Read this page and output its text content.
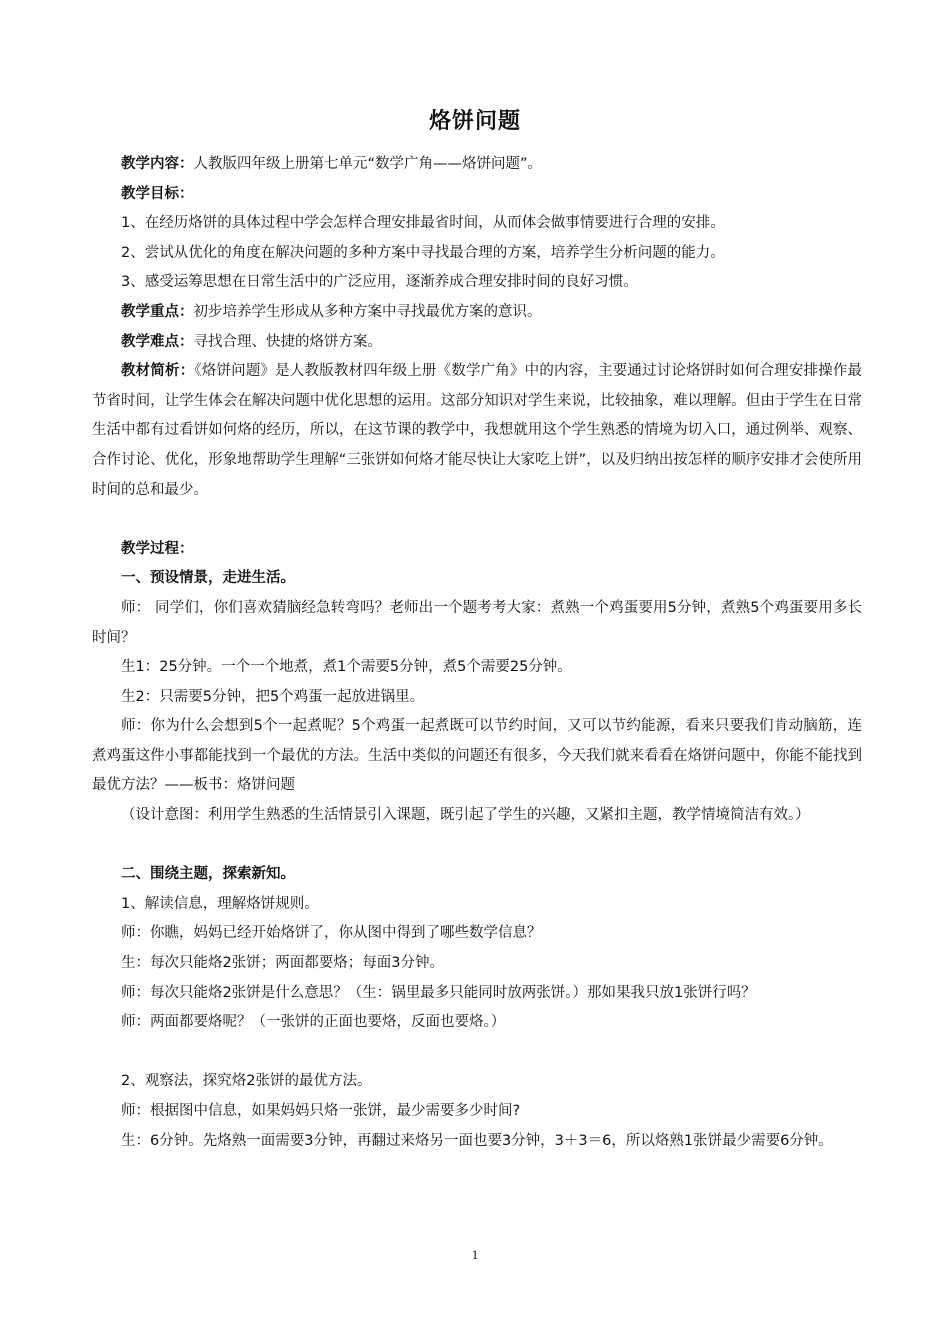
烙饼问题

教学内容：人教版四年级上册第七单元“数学广角——烙饼问题”。

教学目标：

1、在经历烙饼的具体过程中学会怎样合理安排最省时间，从而体会做事情要进行合理的安排。

2、尝试从优化的角度在解决问题的多种方案中寻找最合理的方案，培养学生分析问题的能力。

3、感受运筹思想在日常生活中的广泛应用，逐渐养成合理安排时间的良好习惯。

教学重点：初步培养学生形成从多种方案中寻找最优方案的意识。

教学难点：寻找合理、快捷的烙饼方案。

教材简析：《烙饼问题》是人教版教材四年级上册《数学广角》中的内容，主要通过讨论烙饼时如何合理安排操作最节省时间，让学生体会在解决问题中优化思想的运用。这部分知识对学生来说，比较抽象，难以理解。但由于学生在日常生活中都有过看饼如何烙的经历，所以，在这节课的教学中，我想就用这个学生熟悉的情境为切入口，通过例举、观察、合作讨论、优化，形象地帮助学生理解“三张饼如何烙才能尽快让大家吃上饼”，以及归纳出按怎样的顺序安排才会使所用时间的总和最少。

教学过程：

一、预设情景，走进生活。

师： 同学们，你们喜欢猜脑经急转弯吗？老师出一个题考考大家：煮熟一个鸡蛋要用5分钟，煮熟5个鸡蛋要用多长时间？

生1：25分钟。一个一个地煮，煮1个需要5分钟，煮5个需要25分钟。

生2：只需要5分钟，把5个鸡蛋一起放进锅里。

师：你为什么会想到5个一起煮呢？5个鸡蛋一起煮既可以节约时间，又可以节约能源，看来只要我们肯动脑筋，连煮鸡蛋这件小事都能找到一个最优的方法。生活中类似的问题还有很多，今天我们就来看看在烙饼问题中，你能不能找到最优方法？——板书：烙饼问题

（设计意图：利用学生熟悉的生活情景引入课题，既引起了学生的兴趣，又紧扣主题，教学情境简洁有效。）

二、围绕主题，探索新知。

1、解读信息，理解烙饼规则。

师：你瞧，妈妈已经开始烙饼了，你从图中得到了哪些数学信息？

生：每次只能烙2张饼；两面都要烙；每面3分钟。

师：每次只能烙2张饼是什么意思？（生：锅里最多只能同时放两张饼。）那如果我只放1张饼行吗？

师：两面都要烙呢？（一张饼的正面也要烙，反面也要烙。）

2、观察法，探究烙2张饼的最优方法。

师：根据图中信息，如果妈妈只烙一张饼，最少需要多少时间?

生：6分钟。先烙熟一面需要3分钟，再翻过来烙另一面也要3分钟，3＋3＝6，所以烙熟1张饼最少需要6分钟。

1
